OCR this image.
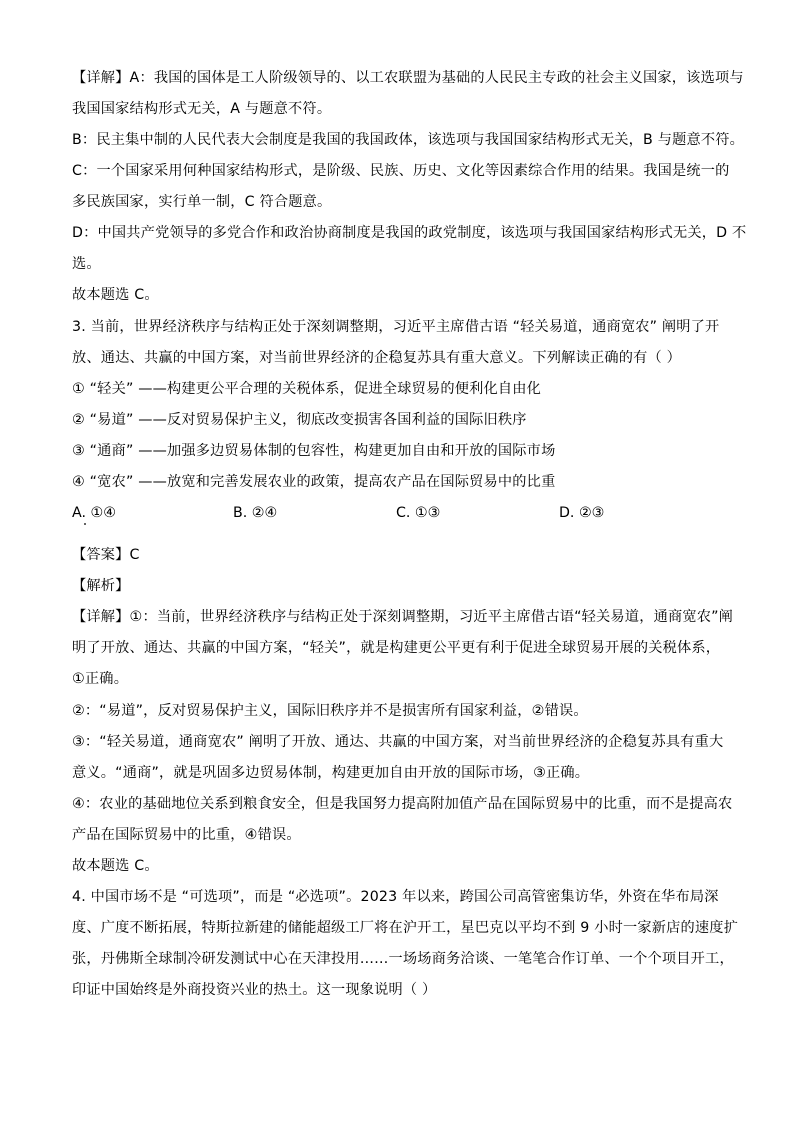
【详解】A：我国的国体是工人阶级领导的、以工农联盟为基础的人民民主专政的社会主义国家，该选项与
我国国家结构形式无关，A 与题意不符。
B：民主集中制的人民代表大会制度是我国的我国政体，该选项与我国国家结构形式无关，B 与题意不符。
C：一个国家采用何种国家结构形式，是阶级、民族、历史、文化等因素综合作用的结果。我国是统一的
多民族国家，实行单一制，C 符合题意。
D：中国共产党领导的多党合作和政治协商制度是我国的政党制度，该选项与我国国家结构形式无关，D 不
选。
故本题选 C。
3. 当前，世界经济秩序与结构正处于深刻调整期，习近平主席借古语 “轻关易道，通商宽农” 阐明了开
放、通达、共赢的中国方案，对当前世界经济的企稳复苏具有重大意义。下列解读正确的有（ ）
① “轻关” ——构建更公平合理的关税体系，促进全球贸易的便利化自由化
② “易道” ——反对贸易保护主义，彻底改变损害各国利益的国际旧秩序
③ “通商” ——加强多边贸易体制的包容性，构建更加自由和开放的国际市场
④ “宽农” ——放宽和完善发展农业的政策，提高农产品在国际贸易中的比重
A. ①④	B. ②④	C. ①③	D. ②③
【答案】C
【解析】
【详解】①：当前，世界经济秩序与结构正处于深刻调整期，习近平主席借古语“轻关易道，通商宽农”阐
明了开放、通达、共赢的中国方案，“轻关”，就是构建更公平更有利于促进全球贸易开展的关税体系，
①正确。
②：“易道”，反对贸易保护主义，国际旧秩序并不是损害所有国家利益，②错误。
③：“轻关易道，通商宽农” 阐明了开放、通达、共赢的中国方案，对当前世界经济的企稳复苏具有重大
意义。“通商”，就是巩固多边贸易体制，构建更加自由开放的国际市场，③正确。
④：农业的基础地位关系到粮食安全，但是我国努力提高附加值产品在国际贸易中的比重，而不是提高农
产品在国际贸易中的比重，④错误。
故本题选 C。
4. 中国市场不是 “可选项”，而是 “必选项”。2023 年以来，跨国公司高管密集访华，外资在华布局深
度、广度不断拓展，特斯拉新建的储能超级工厂将在沪开工，星巴克以平均不到 9 小时一家新店的速度扩
张，丹佛斯全球制冷研发测试中心在天津投用……一场场商务洽谈、一笔笔合作订单、一个个项目开工，
印证中国始终是外商投资兴业的热土。这一现象说明（ ）
